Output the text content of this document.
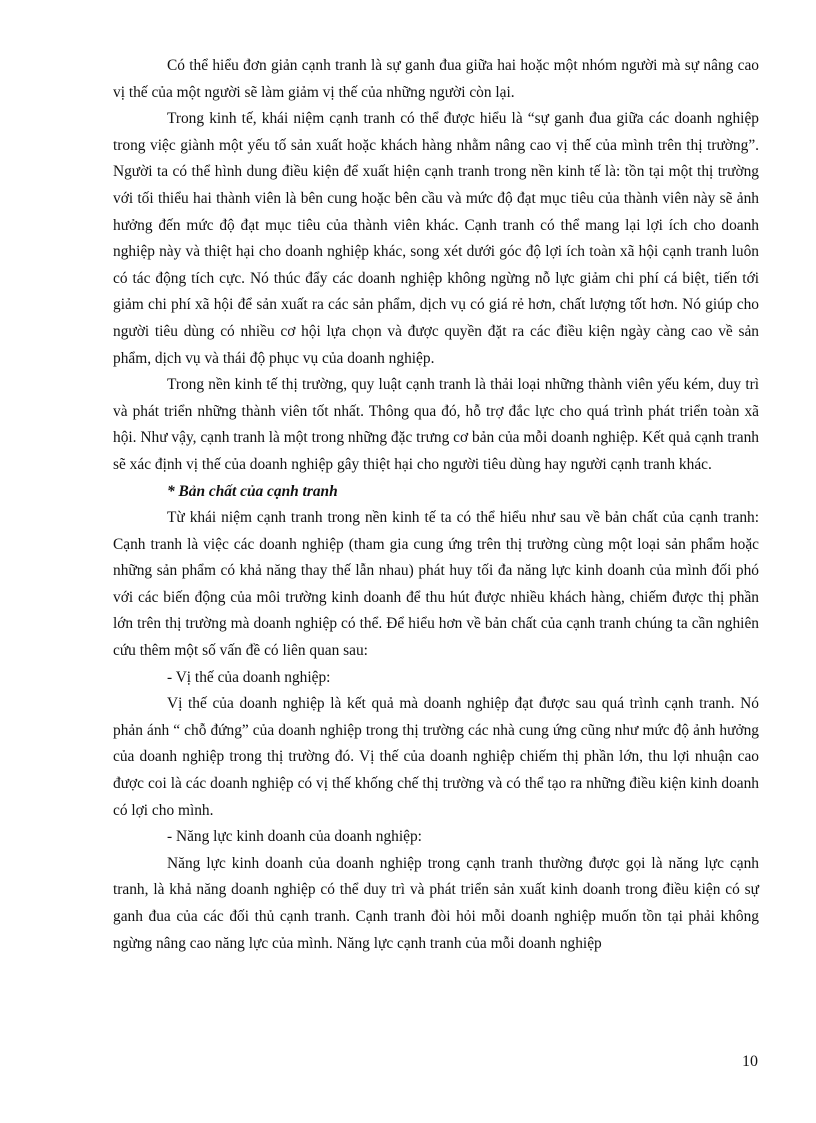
Có thể hiểu đơn giản cạnh tranh là sự ganh đua giữa hai hoặc một nhóm người mà sự nâng cao vị thế của một người sẽ làm giảm vị thế của những người còn lại.

Trong kinh tế, khái niệm cạnh tranh có thể được hiểu là “sự ganh đua giữa các doanh nghiệp trong việc giành một yếu tố sản xuất hoặc khách hàng nhằm nâng cao vị thế của mình trên thị trường”. Người ta có thể hình dung điều kiện để xuất hiện cạnh tranh trong nền kinh tế là: tồn tại một thị trường với tối thiểu hai thành viên là bên cung hoặc bên cầu và mức độ đạt mục tiêu của thành viên này sẽ ảnh hưởng đến mức độ đạt mục tiêu của thành viên khác. Cạnh tranh có thể mang lại lợi ích cho doanh nghiệp này và thiệt hại cho doanh nghiệp khác, song xét dưới góc độ lợi ích toàn xã hội cạnh tranh luôn có tác động tích cực. Nó thúc đẩy các doanh nghiệp không ngừng nỗ lực giảm chi phí cá biệt, tiến tới giảm chi phí xã hội để sản xuất ra các sản phẩm, dịch vụ có giá rẻ hơn, chất lượng tốt hơn. Nó giúp cho người tiêu dùng có nhiều cơ hội lựa chọn và được quyền đặt ra các điều kiện ngày càng cao về sản phẩm, dịch vụ và thái độ phục vụ của doanh nghiệp.

Trong nền kinh tế thị trường, quy luật cạnh tranh là thải loại những thành viên yếu kém, duy trì và phát triển những thành viên tốt nhất. Thông qua đó, hỗ trợ đắc lực cho quá trình phát triển toàn xã hội. Như vậy, cạnh tranh là một trong những đặc trưng cơ bản của mỗi doanh nghiệp. Kết quả cạnh tranh sẽ xác định vị thế của doanh nghiệp gây thiệt hại cho người tiêu dùng hay người cạnh tranh khác.

* Bản chất của cạnh tranh

Từ khái niệm cạnh tranh trong nền kinh tế ta có thể hiểu như sau về bản chất của cạnh tranh: Cạnh tranh là việc các doanh nghiệp (tham gia cung ứng trên thị trường cùng một loại sản phẩm hoặc những sản phẩm có khả năng thay thế lẫn nhau) phát huy tối đa năng lực kinh doanh của mình đối phó với các biến động của môi trường kinh doanh để thu hút được nhiều khách hàng, chiếm được thị phần lớn trên thị trường mà doanh nghiệp có thể. Để hiểu hơn về bản chất của cạnh tranh chúng ta cần nghiên cứu thêm một số vấn đề có liên quan sau:

- Vị thế của doanh nghiệp:

Vị thế của doanh nghiệp là kết quả mà doanh nghiệp đạt được sau quá trình cạnh tranh. Nó phản ánh “ chỗ đứng” của doanh nghiệp trong thị trường các nhà cung ứng cũng như mức độ ảnh hưởng của doanh nghiệp trong thị trường đó. Vị thế của doanh nghiệp chiếm thị phần lớn, thu lợi nhuận cao được coi là các doanh nghiệp có vị thế khống chế thị trường và có thể tạo ra những điều kiện kinh doanh có lợi cho mình.

- Năng lực kinh doanh của doanh nghiệp:

Năng lực kinh doanh của doanh nghiệp trong cạnh tranh thường được gọi là năng lực cạnh tranh, là khả năng doanh nghiệp có thể duy trì và phát triển sản xuất kinh doanh trong điều kiện có sự ganh đua của các đối thủ cạnh tranh. Cạnh tranh đòi hỏi mỗi doanh nghiệp muốn tồn tại phải không ngừng nâng cao năng lực của mình. Năng lực cạnh tranh của mỗi doanh nghiệp

10
